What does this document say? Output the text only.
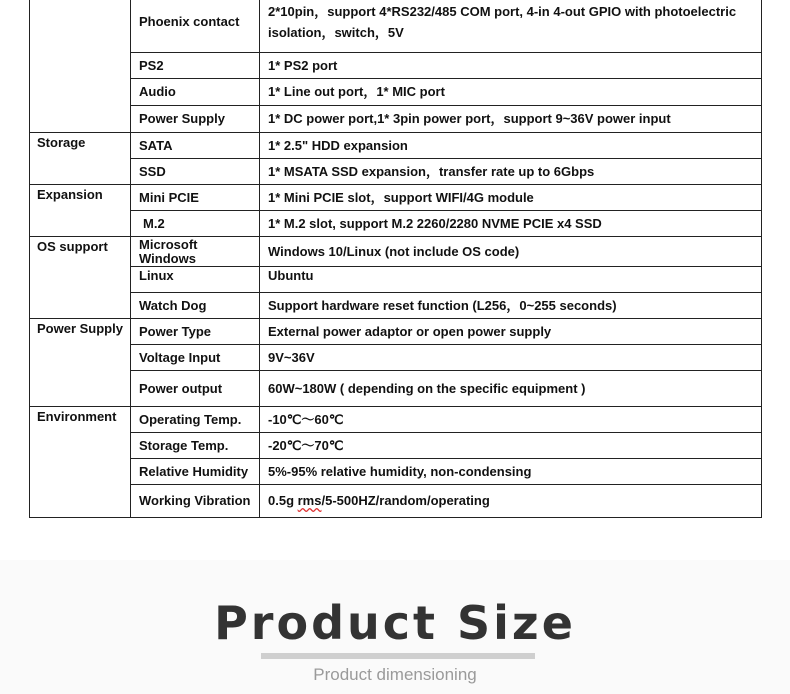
	Phoenix contact	2*10pin，support 4*RS232/485 COM port, 4-in 4-out GPIO with photoelectric isolation，switch，5V
	PS2	1* PS2 port
	Audio	1* Line out port，1* MIC port
	Power Supply	1* DC power port,1* 3pin power port，support 9~36V power input
Storage	SATA	1* 2.5" HDD expansion
	SSD	1* MSATA SSD expansion，transfer rate up to 6Gbps
Expansion	Mini PCIE	1* Mini PCIE slot，support WIFI/4G module
	M.2	1* M.2 slot, support M.2 2260/2280 NVME PCIE x4 SSD
OS support	Microsoft Windows	Windows 10/Linux (not include OS code)
	Linux	Ubuntu
	Watch Dog	Support hardware reset function (L256，0~255 seconds)
Power Supply	Power Type	External power adaptor or open power supply
	Voltage Input	9V~36V
	Power output	60W~180W ( depending on the specific equipment )
Environment	Operating Temp.	-10℃～60℃
	Storage Temp.	-20℃～70℃
	Relative Humidity	5%-95% relative humidity, non-condensing
	Working Vibration	0.5g rms/5-500HZ/random/operating
Product Size
Product dimensioning
